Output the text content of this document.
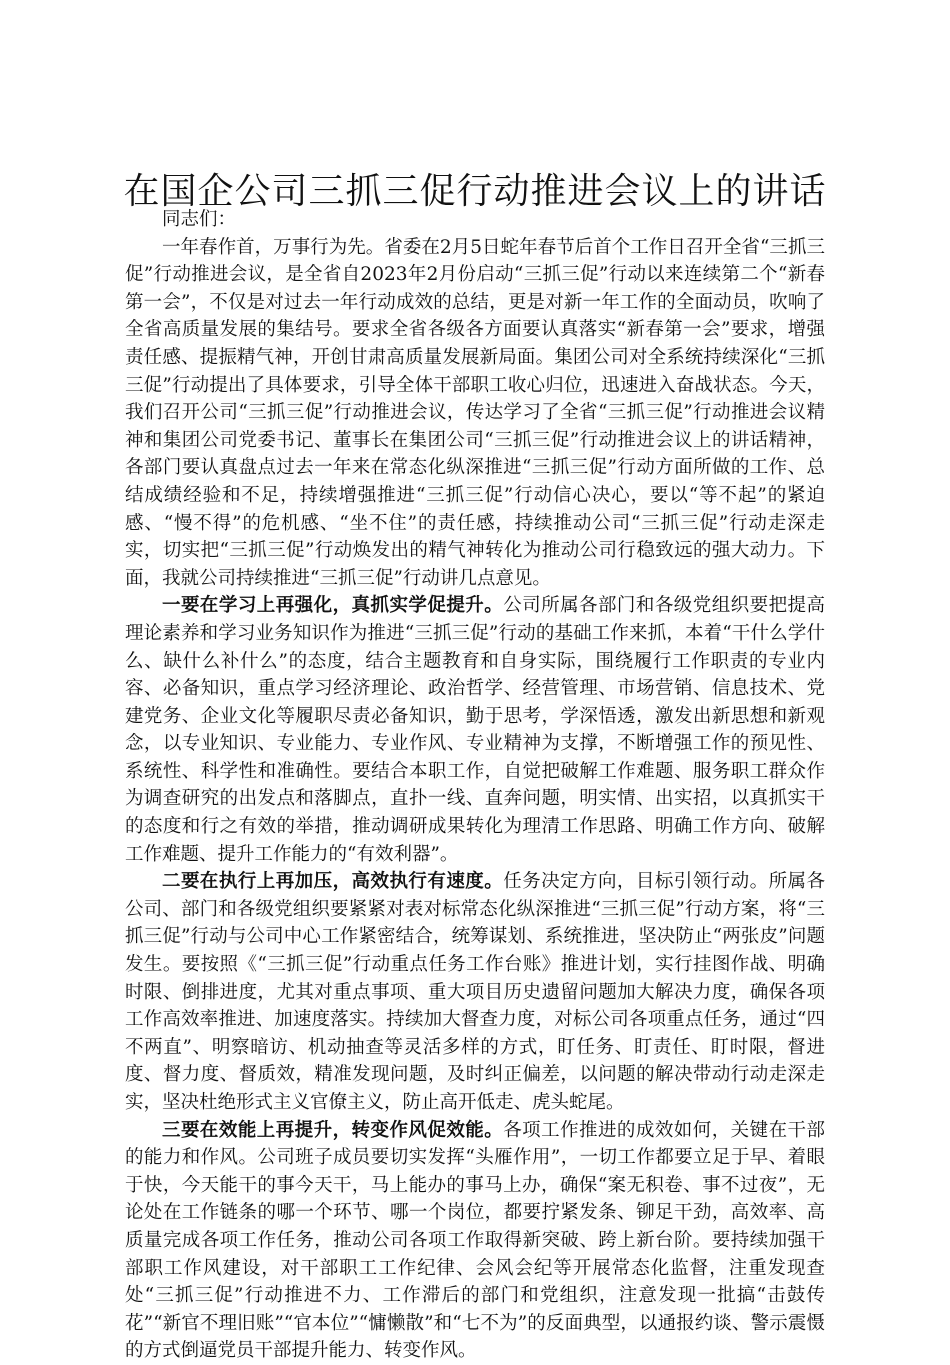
在国企公司三抓三促行动推进会议上的讲话

同志们：

一年春作首，万事行为先。省委在2月5日蛇年春节后首个工作日召开全省“三抓三促”行动推进会议，是全省自2023年2月份启动“三抓三促”行动以来连续第二个“新春第一会”，不仅是对过去一年行动成效的总结，更是对新一年工作的全面动员，吹响了全省高质量发展的集结号。要求全省各级各方面要认真落实“新春第一会”要求，增强责任感、提振精气神，开创甘肃高质量发展新局面。集团公司对全系统持续深化“三抓三促”行动提出了具体要求，引导全体干部职工收心归位，迅速进入奋战状态。今天，我们召开公司“三抓三促”行动推进会议，传达学习了全省“三抓三促”行动推进会议精神和集团公司党委书记、董事长在集团公司“三抓三促”行动推进会议上的讲话精神，各部门要认真盘点过去一年来在常态化纵深推进“三抓三促”行动方面所做的工作、总结成绩经验和不足，持续增强推进“三抓三促”行动信心决心，要以“等不起”的紧迫感、“慢不得”的危机感、“坐不住”的责任感，持续推动公司“三抓三促”行动走深走实，切实把“三抓三促”行动焕发出的精气神转化为推动公司行稳致远的强大动力。下面，我就公司持续推进“三抓三促”行动讲几点意见。

一要在学习上再强化，真抓实学促提升。公司所属各部门和各级党组织要把提高理论素养和学习业务知识作为推进“三抓三促”行动的基础工作来抓，本着“干什么学什么、缺什么补什么”的态度，结合主题教育和自身实际，围绕履行工作职责的专业内容、必备知识，重点学习经济理论、政治哲学、经营管理、市场营销、信息技术、党建党务、企业文化等履职尽责必备知识，勤于思考，学深悟透，激发出新思想和新观念，以专业知识、专业能力、专业作风、专业精神为支撑，不断增强工作的预见性、系统性、科学性和准确性。要结合本职工作，自觉把破解工作难题、服务职工群众作为调查研究的出发点和落脚点，直扑一线、直奔问题，明实情、出实招，以真抓实干的态度和行之有效的举措，推动调研成果转化为理清工作思路、明确工作方向、破解工作难题、提升工作能力的“有效利器”。

二要在执行上再加压，高效执行有速度。任务决定方向，目标引领行动。所属各公司、部门和各级党组织要紧紧对表对标常态化纵深推进“三抓三促”行动方案，将“三抓三促”行动与公司中心工作紧密结合，统筹谋划、系统推进，坚决防止“两张皮”问题发生。要按照《“三抓三促”行动重点任务工作台账》推进计划，实行挂图作战、明确时限、倒排进度，尤其对重点事项、重大项目历史遗留问题加大解决力度，确保各项工作高效率推进、加速度落实。持续加大督查力度，对标公司各项重点任务，通过“四不两直”、明察暗访、机动抽查等灵活多样的方式，盯任务、盯责任、盯时限，督进度、督力度、督质效，精准发现问题，及时纠正偏差，以问题的解决带动行动走深走实，坚决杜绝形式主义官僚主义，防止高开低走、虎头蛇尾。

三要在效能上再提升，转变作风促效能。各项工作推进的成效如何，关键在干部的能力和作风。公司班子成员要切实发挥“头雁作用”，一切工作都要立足于早、着眼于快，今天能干的事今天干，马上能办的事马上办，确保“案无积卷、事不过夜”，无论处在工作链条的哪一个环节、哪一个岗位，都要拧紧发条、铆足干劲，高效率、高质量完成各项工作任务，推动公司各项工作取得新突破、跨上新台阶。要持续加强干部职工作风建设，对干部职工工作纪律、会风会纪等开展常态化监督，注重发现查处“三抓三促”行动推进不力、工作滞后的部门和党组织，注意发现一批搞“击鼓传花”“新官不理旧账”“官本位”“慵懒散”和“七不为”的反面典型，以通报约谈、警示震慑的方式倒逼党员干部提升能力、转变作风。
